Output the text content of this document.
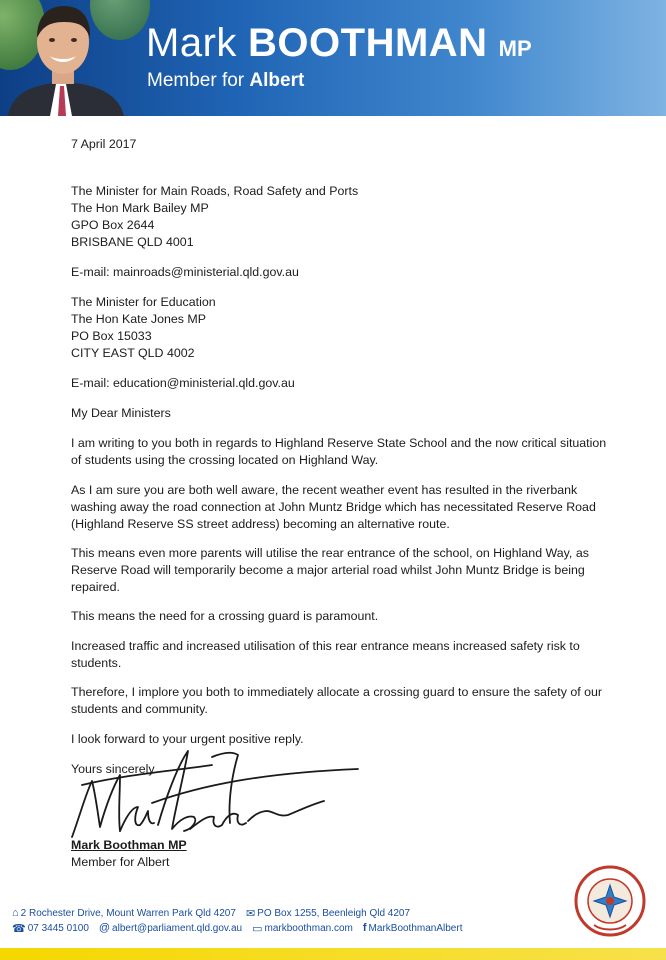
Mark BOOTHMAN MP
Member for Albert
7 April 2017
The Minister for Main Roads, Road Safety and Ports
The Hon Mark Bailey MP
GPO Box 2644
BRISBANE QLD 4001
E-mail: mainroads@ministerial.qld.gov.au
The Minister for Education
The Hon Kate Jones MP
PO Box 15033
CITY EAST QLD 4002
E-mail: education@ministerial.qld.gov.au
My Dear Ministers
I am writing to you both in regards to Highland Reserve State School and the now critical situation of students using the crossing located on Highland Way.
As I am sure you are both well aware, the recent weather event has resulted in the riverbank washing away the road connection at John Muntz Bridge which has necessitated Reserve Road (Highland Reserve SS street address) becoming an alternative route.
This means even more parents will utilise the rear entrance of the school, on Highland Way, as Reserve Road will temporarily become a major arterial road whilst John Muntz Bridge is being repaired.
This means the need for a crossing guard is paramount.
Increased traffic and increased utilisation of this rear entrance means increased safety risk to students.
Therefore, I implore you both to immediately allocate a crossing guard to ensure the safety of our students and community.
I look forward to your urgent positive reply.
Yours sincerely
Mark Boothman MP
Member for Albert
⌂ 2 Rochester Drive, Mount Warren Park Qld 4207 ✉ PO Box 1255, Beenleigh Qld 4207
☎ 07 3445 0100 @ albert@parliament.qld.gov.au ▭ markboothman.com f MarkBoothmanAlbert
